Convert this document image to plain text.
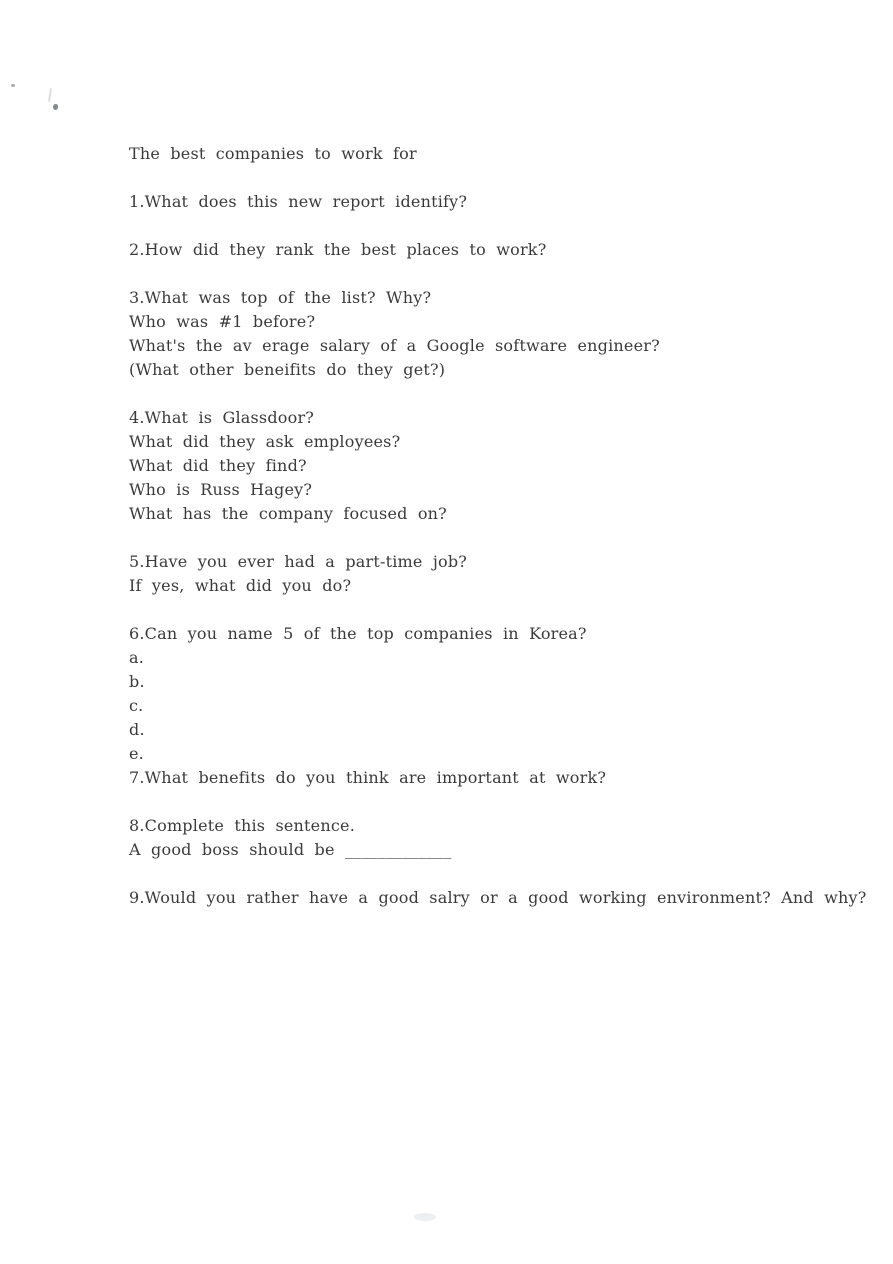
The best companies to work for

1.What does this new report identify?

2.How did they rank the best places to work?

3.What was top of the list? Why?

Who was #1 before?

What's the av erage salary of a Google software engineer?

(What other beneifits do they get?)

4.What is Glassdoor?

What did they ask employees?

What did they find?

Who is Russ Hagey?

What has the company focused on?

5.Have you ever had a part-time job?

If yes, what did you do?

6.Can you name 5 of the top companies in Korea?

a.

b.

c.

d.

e.

7.What benefits do you think are important at work?

8.Complete this sentence.

A good boss should be _____________

9.Would you rather have a good salry or a good working environment? And why?
